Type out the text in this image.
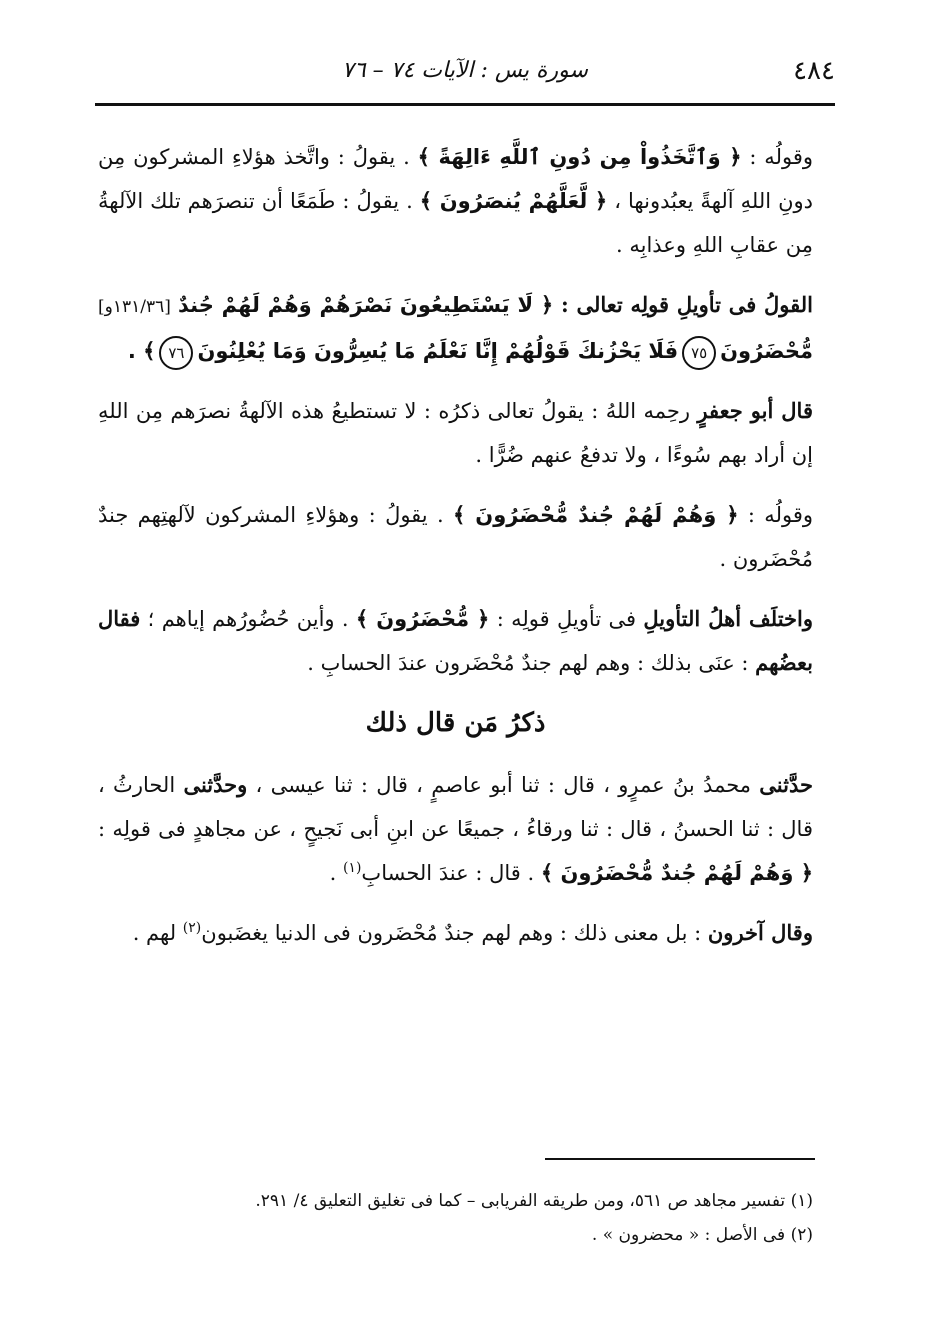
٤٨٤
سورة يس : الآيات ٧٤ – ٧٦

وقولُه : ﴿ وَٱتَّخَذُواْ مِن دُونِ ٱللَّهِ ءَالِهَةً ﴾ . يقولُ : واتَّخذ هؤلاءِ المشركون مِن دونِ اللهِ آلهةً يعبُدونها ، ﴿ لَّعَلَّهُمْ يُنصَرُونَ ﴾ . يقولُ : طَمَعًا أن تنصرَهم تلك الآلهةُ مِن عقابِ اللهِ وعذابِه .

القولُ فى تأويلِ قولِه تعالى : ﴿ لَا يَسْتَطِيعُونَ نَصْرَهُمْ وَهُمْ لَهُمْ جُندٌ [١٣١/٣٦و] مُّحْضَرُونَ٧٥فَلَا يَحْزُنكَ قَوْلُهُمْ إِنَّا نَعْلَمُ مَا يُسِرُّونَ وَمَا يُعْلِنُونَ٧٦﴾ .

قال أبو جعفرٍ رحِمه اللهُ : يقولُ تعالى ذكرُه : لا تستطيعُ هذه الآلهةُ نصرَهم مِن اللهِ إن أراد بهم سُوءًا ، ولا تدفعُ عنهم ضُرًّا .

وقولُه : ﴿ وَهُمْ لَهُمْ جُندٌ مُّحْضَرُونَ ﴾ . يقولُ : وهؤلاءِ المشركون لآلهتِهم جندٌ مُحْضَرون .

واختلَف أهلُ التأويلِ فى تأويلِ قولِه : ﴿ مُّحْضَرُونَ ﴾ . وأين حُضُورُهم إياهم ؛ فقال بعضُهم : عنَى بذلك : وهم لهم جندٌ مُحْضَرون عندَ الحسابِ .

ذكرُ مَن قال ذلك

حدَّثنى محمدُ بنُ عمرٍو ، قال : ثنا أبو عاصمٍ ، قال : ثنا عيسى ، وحدَّثنى الحارثُ ، قال : ثنا الحسنُ ، قال : ثنا ورقاءُ ، جميعًا عن ابنِ أبى نَجيحٍ ، عن مجاهدٍ فى قولِه : ﴿ وَهُمْ لَهُمْ جُندٌ مُّحْضَرُونَ ﴾ . قال : عندَ الحسابِ$^{(١)}$ .

وقال آخرون : بل معنى ذلك : وهم لهم جندٌ مُحْضَرون فى الدنيا يغضَبون$^{(٢)}$ لهم .

(١) تفسير مجاهد ص ٥٦١، ومن طريقه الفريابى – كما فى تغليق التعليق ٤/ ٢٩١.

(٢) فى الأصل : « محضرون » .
